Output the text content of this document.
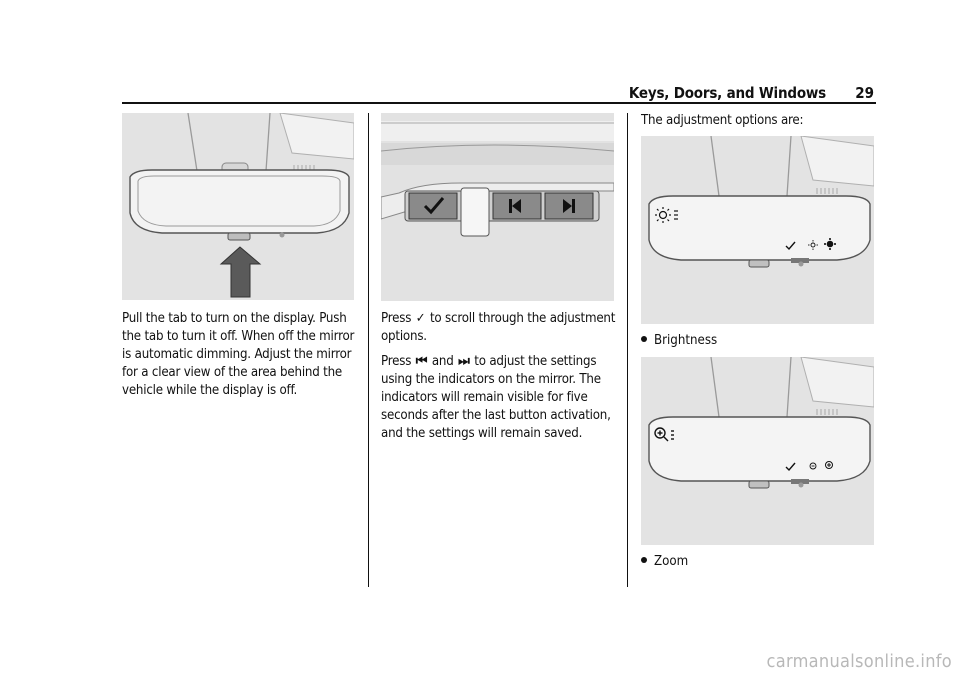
Keys, Doors, and Windows 29

Pull the tab to turn on the display. Push the tab to turn it off. When off the mirror is automatic dimming. Adjust the mirror for a clear view of the area behind the vehicle while the display is off.

Press ✓ to scroll through the adjustment options.

Press ⏮ and ⏭ to adjust the settings using the indicators on the mirror. The indicators will remain visible for five seconds after the last button activation, and the settings will remain saved.

The adjustment options are:

Brightness
Zoom
carmanualsonline.info
